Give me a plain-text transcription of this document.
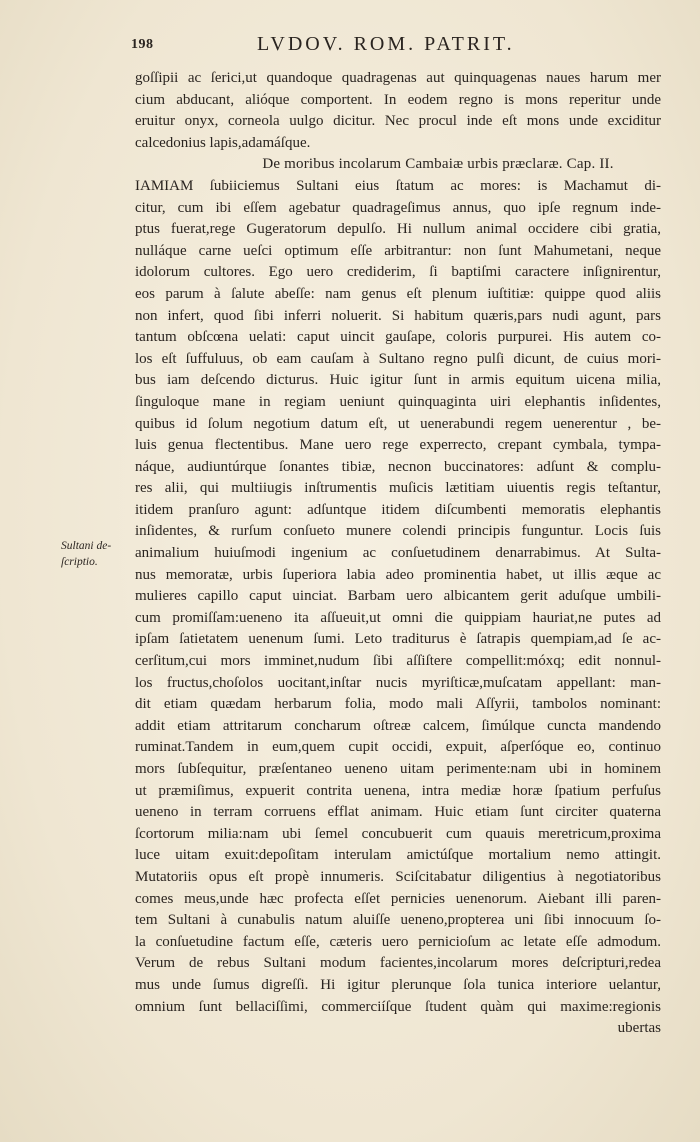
198	LVDOV. ROM. PATRIT.
Sultani de-
ſcriptio.
goſſipii ac ſerici,ut quandoque quadragenas aut quinquagenas naues harum mer
cium abducant, alióque comportent. In eodem regno is mons reperitur unde
eruitur onyx, corneola uulgo dicitur. Nec procul inde eſt mons unde exciditur
calcedonius lapis,adamáſque.
De moribus incolarum Cambaiæ urbis præclaræ. Cap. II.
IAMIAM ſubiiciemus Sultani eius ſtatum ac mores: is Machamut di-
citur, cum ibi eſſem agebatur quadrageſimus annus, quo ipſe regnum inde-
ptus fuerat,rege Gugeratorum depulſo. Hi nullum animal occidere cibi gratia,
nulláque carne ueſci optimum eſſe arbitrantur: non ſunt Mahumetani, neque
idolorum cultores. Ego uero crediderim, ſi baptiſmi caractere inſignirentur,
eos parum à ſalute abeſſe: nam genus eſt plenum iuſtitiæ: quippe quod aliis
non infert, quod ſibi inferri noluerit. Si habitum quæris,pars nudi agunt, pars
tantum obſcœna uelati: caput uincit gauſape, coloris purpurei. His autem co-
los eſt ſuffuluus, ob eam cauſam à Sultano regno pulſi dicunt, de cuius mori-
bus iam deſcendo dicturus. Huic igitur ſunt in armis equitum uicena milia,
ſinguloque mane in regiam ueniunt quinquaginta uiri elephantis inſidentes,
quibus id ſolum negotium datum eſt, ut uenerabundi regem uenerentur , be-
luis genua flectentibus. Mane uero rege experrecto, crepant cymbala, tympa-
náque, audiuntúrque ſonantes tibiæ, necnon buccinatores: adſunt & complu-
res alii, qui multiiugis inſtrumentis muſicis lætitiam uiuentis regis teſtantur,
itidem pranſuro agunt: adſuntque itidem diſcumbenti memoratis elephantis
inſidentes, & rurſum conſueto munere colendi principis funguntur. Locis ſuis
animalium huiuſmodi ingenium ac conſuetudinem denarrabimus. At Sulta-
nus memoratæ, urbis ſuperiora labia adeo prominentia habet, ut illis æque ac
mulieres capillo caput uinciat. Barbam uero albicantem gerit aduſque umbili-
cum promiſſam:ueneno ita aſſueuit,ut omni die quippiam hauriat,ne putes ad
ipſam ſatietatem uenenum ſumi. Leto traditurus è ſatrapis quempiam,ad ſe ac-
cerſitum,cui mors imminet,nudum ſibi aſſiſtere compellit:móxq; edit nonnul-
los fructus,choſolos uocitant,inſtar nucis myriſticæ,muſcatam appellant: man-
dit etiam quædam herbarum folia, modo mali Aſſyrii, tambolos nominant:
addit etiam attritarum concharum oſtreæ calcem, ſimúlque cuncta mandendo
ruminat.Tandem in eum,quem cupit occidi, expuit, aſperſóque eo, continuo
mors ſubſequitur, præſentaneo ueneno uitam perimente:nam ubi in hominem
ut præmiſimus, expuerit contrita uenena, intra mediæ horæ ſpatium perfuſus
ueneno in terram corruens efflat animam. Huic etiam ſunt circiter quaterna
ſcortorum milia:nam ubi ſemel concubuerit cum quauis meretricum,proxima
luce uitam exuit:depoſitam interulam amictúſque mortalium nemo attingit.
Mutatoriis opus eſt propè innumeris. Sciſcitabatur diligentius à negotiatoribus
comes meus,unde hæc profecta eſſet pernicies uenenorum. Aiebant illi paren-
tem Sultani à cunabulis natum aluiſſe ueneno,propterea uni ſibi innocuum ſo-
la conſuetudine factum eſſe, cæteris uero pernicioſum ac letate eſſe admodum.
Verum de rebus Sultani modum facientes,incolarum mores deſcripturi,redea
mus unde ſumus digreſſi. Hi igitur plerunque ſola tunica interiore uelantur,
omnium ſunt bellaciſſimi, commerciíſque ſtudent quàm qui maxime:regionis
ubertas
